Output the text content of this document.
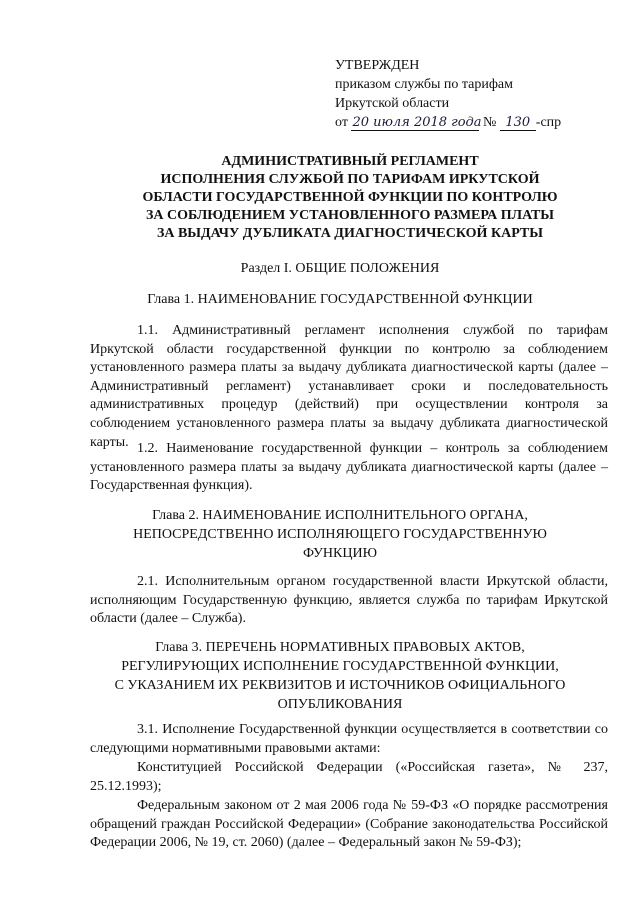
УТВЕРЖДЕН
приказом службы по тарифам
Иркутской области
от 20 июля 2018 года № 130 -спр
АДМИНИСТРАТИВНЫЙ РЕГЛАМЕНТ
ИСПОЛНЕНИЯ СЛУЖБОЙ ПО ТАРИФАМ ИРКУТСКОЙ
ОБЛАСТИ ГОСУДАРСТВЕННОЙ ФУНКЦИИ ПО КОНТРОЛЮ
ЗА СОБЛЮДЕНИЕМ УСТАНОВЛЕННОГО РАЗМЕРА ПЛАТЫ
ЗА ВЫДАЧУ ДУБЛИКАТА ДИАГНОСТИЧЕСКОЙ КАРТЫ
Раздел I. ОБЩИЕ ПОЛОЖЕНИЯ
Глава 1. НАИМЕНОВАНИЕ ГОСУДАРСТВЕННОЙ ФУНКЦИИ
1.1. Административный регламент исполнения службой по тарифам Иркутской области государственной функции по контролю за соблюдением установленного размера платы за выдачу дубликата диагностической карты (далее – Административный регламент) устанавливает сроки и последовательность административных процедур (действий) при осуществлении контроля за соблюдением установленного размера платы за выдачу дубликата диагностической карты. 1.2. Наименование государственной функции – контроль за соблюдением установленного размера платы за выдачу дубликата диагностической карты (далее – Государственная функция).
Глава 2. НАИМЕНОВАНИЕ ИСПОЛНИТЕЛЬНОГО ОРГАНА,
НЕПОСРЕДСТВЕННО ИСПОЛНЯЮЩЕГО ГОСУДАРСТВЕННУЮ
ФУНКЦИЮ
2.1. Исполнительным органом государственной власти Иркутской области, исполняющим Государственную функцию, является служба по тарифам Иркутской области (далее – Служба).
Глава 3. ПЕРЕЧЕНЬ НОРМАТИВНЫХ ПРАВОВЫХ АКТОВ,
РЕГУЛИРУЮЩИХ ИСПОЛНЕНИЕ ГОСУДАРСТВЕННОЙ ФУНКЦИИ,
С УКАЗАНИЕМ ИХ РЕКВИЗИТОВ И ИСТОЧНИКОВ ОФИЦИАЛЬНОГО
ОПУБЛИКОВАНИЯ
3.1. Исполнение Государственной функции осуществляется в соответствии со следующими нормативными правовыми актами:
Конституцией Российской Федерации («Российская газета», № 237, 25.12.1993);
Федеральным законом от 2 мая 2006 года № 59-ФЗ «О порядке рассмотрения обращений граждан Российской Федерации» (Собрание законодательства Российской Федерации 2006, № 19, ст. 2060) (далее – Федеральный закон № 59-ФЗ);
